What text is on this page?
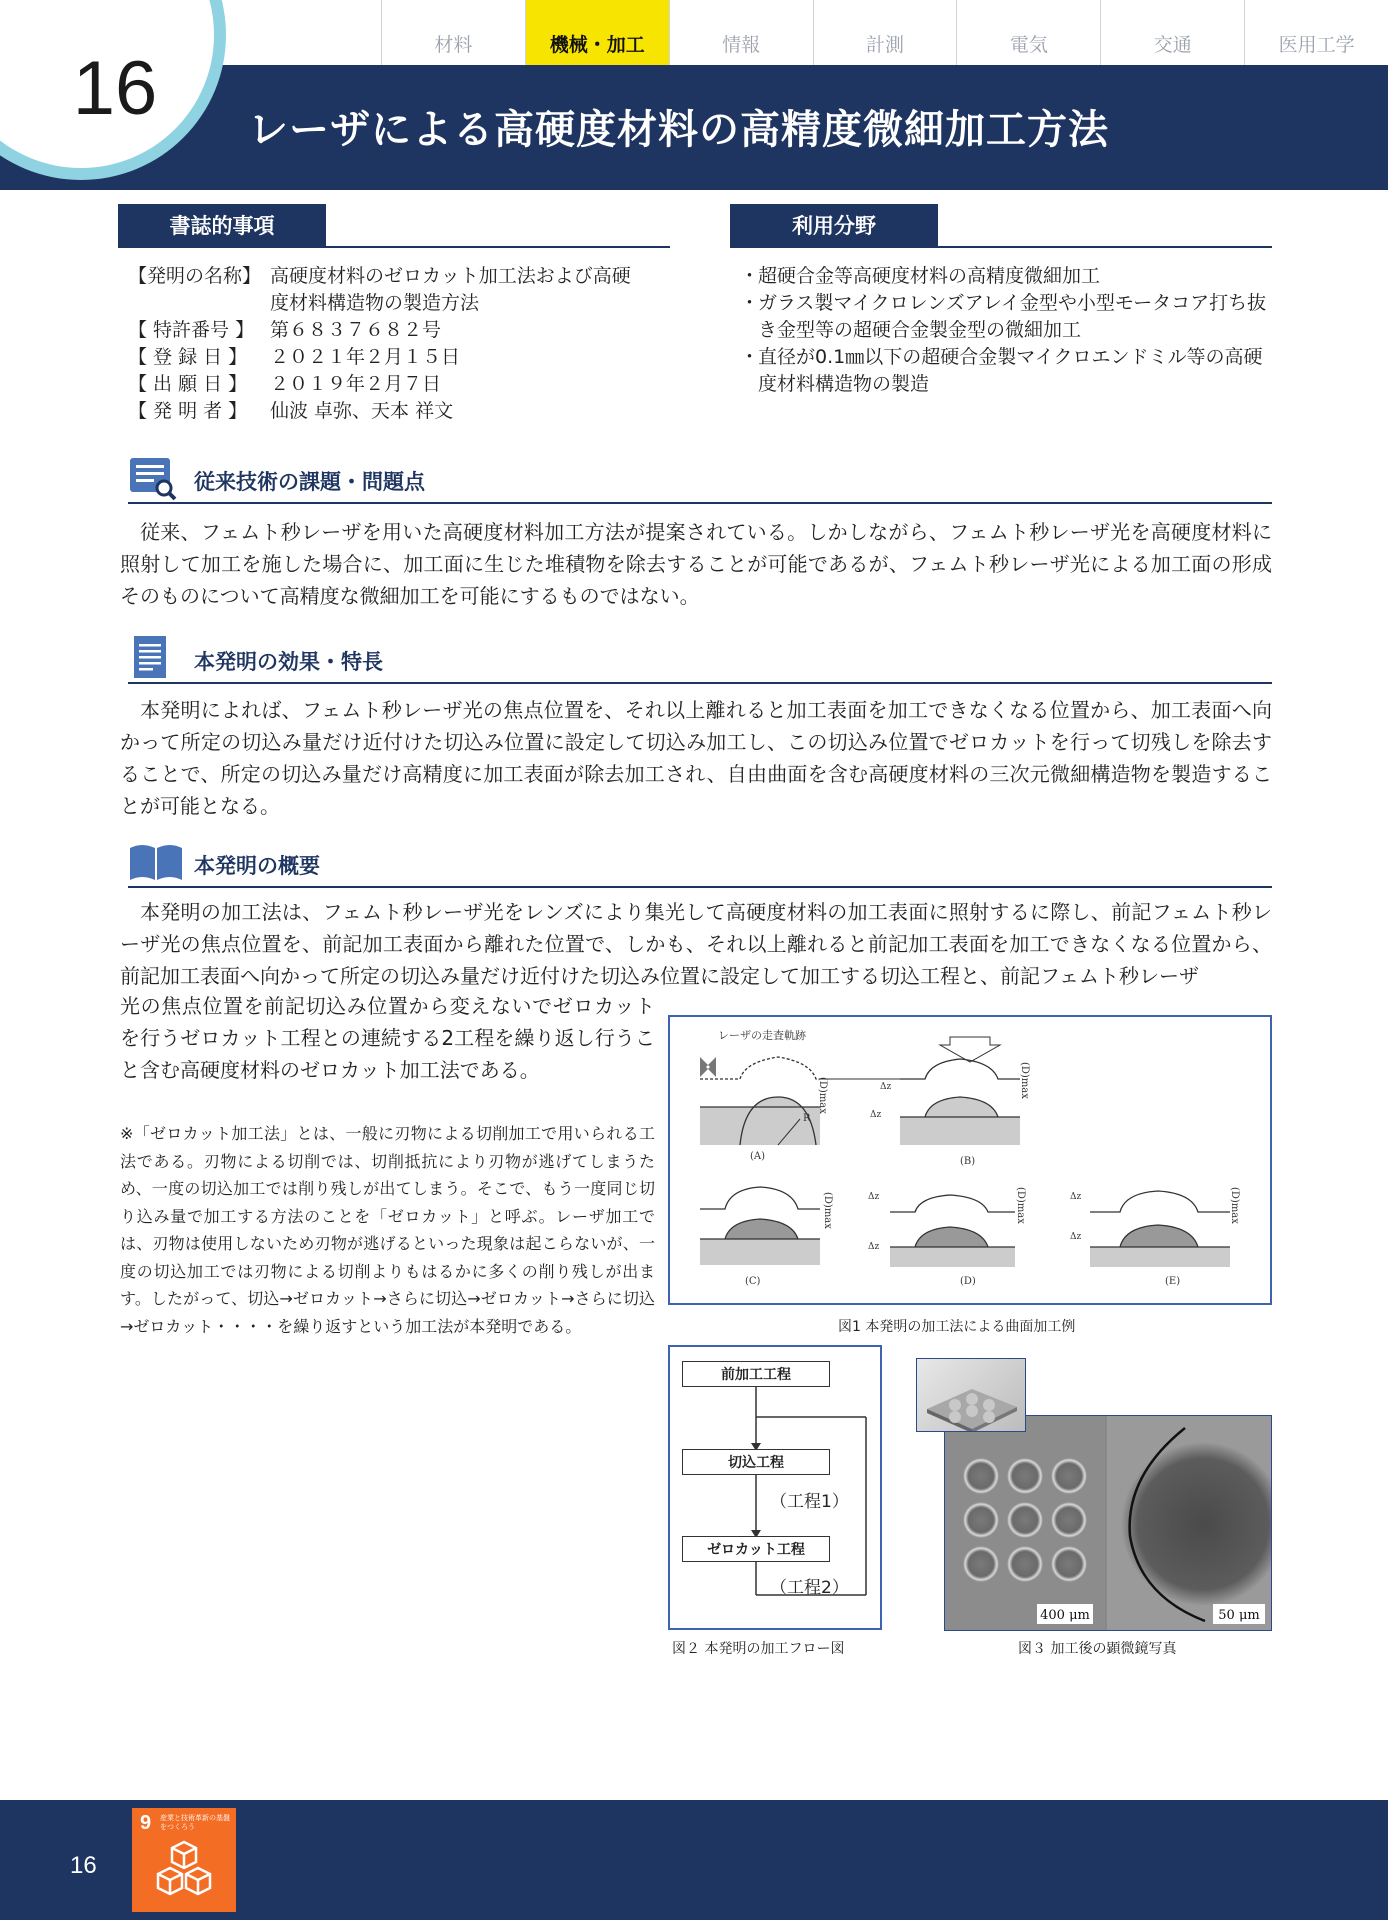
材料	機械・加工	情報	計測	電気	交通	医用工学
16	レーザによる高硬度材料の高精度微細加工方法
書誌的事項
【発明の名称】 高硬度材料のゼロカット加工法および高硬度材料構造物の製造方法
【 特許番号 】 第６８３７６８２号
【 登 録 日 】	２０２１年２月１５日
【 出 願 日 】	２０１９年２月７日
【 発 明 者 】	仙波 卓弥、天本 祥文
利用分野
・
超硬合金等高硬度材料の高精度微細加工
・
ガラス製マイクロレンズアレイ金型や小型モータコア打ち抜き金型等の超硬合金製金型の微細加工
・
直径が0.1㎜以下の超硬合金製マイクロエンドミル等の高硬度材料構造物の製造
従来技術の課題・問題点
従来、フェムト秒レーザを用いた高硬度材料加工方法が提案されている。しかしながら、フェムト秒レーザ光を高硬度材料に照射して加工を施した場合に、加工面に生じた堆積物を除去することが可能であるが、フェムト秒レーザ光による加工面の形成そのものについて高精度な微細加工を可能にするものではない。
本発明の効果・特長
本発明によれば、フェムト秒レーザ光の焦点位置を、それ以上離れると加工表面を加工できなくなる位置から、加工表面へ向かって所定の切込み量だけ近付けた切込み位置に設定して切込み加工し、この切込み位置でゼロカットを行って切残しを除去することで、所定の切込み量だけ高精度に加工表面が除去加工され、自由曲面を含む高硬度材料の三次元微細構造物を製造することが可能となる。
本発明の概要
本発明の加工法は、フェムト秒レーザ光をレンズにより集光して高硬度材料の加工表面に照射するに際し、前記フェムト秒レーザ光の焦点位置を、前記加工表面から離れた位置で、しかも、それ以上離れると前記加工表面を加工できなくなる位置から、前記加工表面へ向かって所定の切込み量だけ近付けた切込み位置に設定して加工する切込工程と、前記フェムト秒レーザ
光の焦点位置を前記切込み位置から変えないでゼロカットを行うゼロカット工程との連続する2工程を繰り返し行うこと含む高硬度材料のゼロカット加工法である。
※「ゼロカット加工法」とは、一般に刃物による切削加工で用いられる工法である。刃物による切削では、切削抵抗により刃物が逃げてしまうため、一度の切込加工では削り残しが出てしまう。そこで、もう一度同じ切り込み量で加工する方法のことを「ゼロカット」と呼ぶ。レーザ加工では、刃物は使用しないため刃物が逃げるといった現象は起こらないが、一度の切込加工では刃物による切削よりもはるかに多くの削り残しが出ます。したがって、切込→ゼロカット→さらに切込→ゼロカット→さらに切込→ゼロカット・・・・を繰り返すという加工法が本発明である。
レーザの走査軌跡
R
(D)max
(A)
Δz
Δz
(D)max
(B)
(D)max
(C)
Δz
Δz
(D)max
(D)
Δz
Δz
(D)max
(E)
図1 本発明の加工法による曲面加工例
前加工工程
切込工程
（工程1）
ゼロカット工程
（工程2）
図２ 本発明の加工フロー図
400 μm	50 μm
図３ 加工後の顕微鏡写真
16
9 産業と技術革新の基盤をつくろう
